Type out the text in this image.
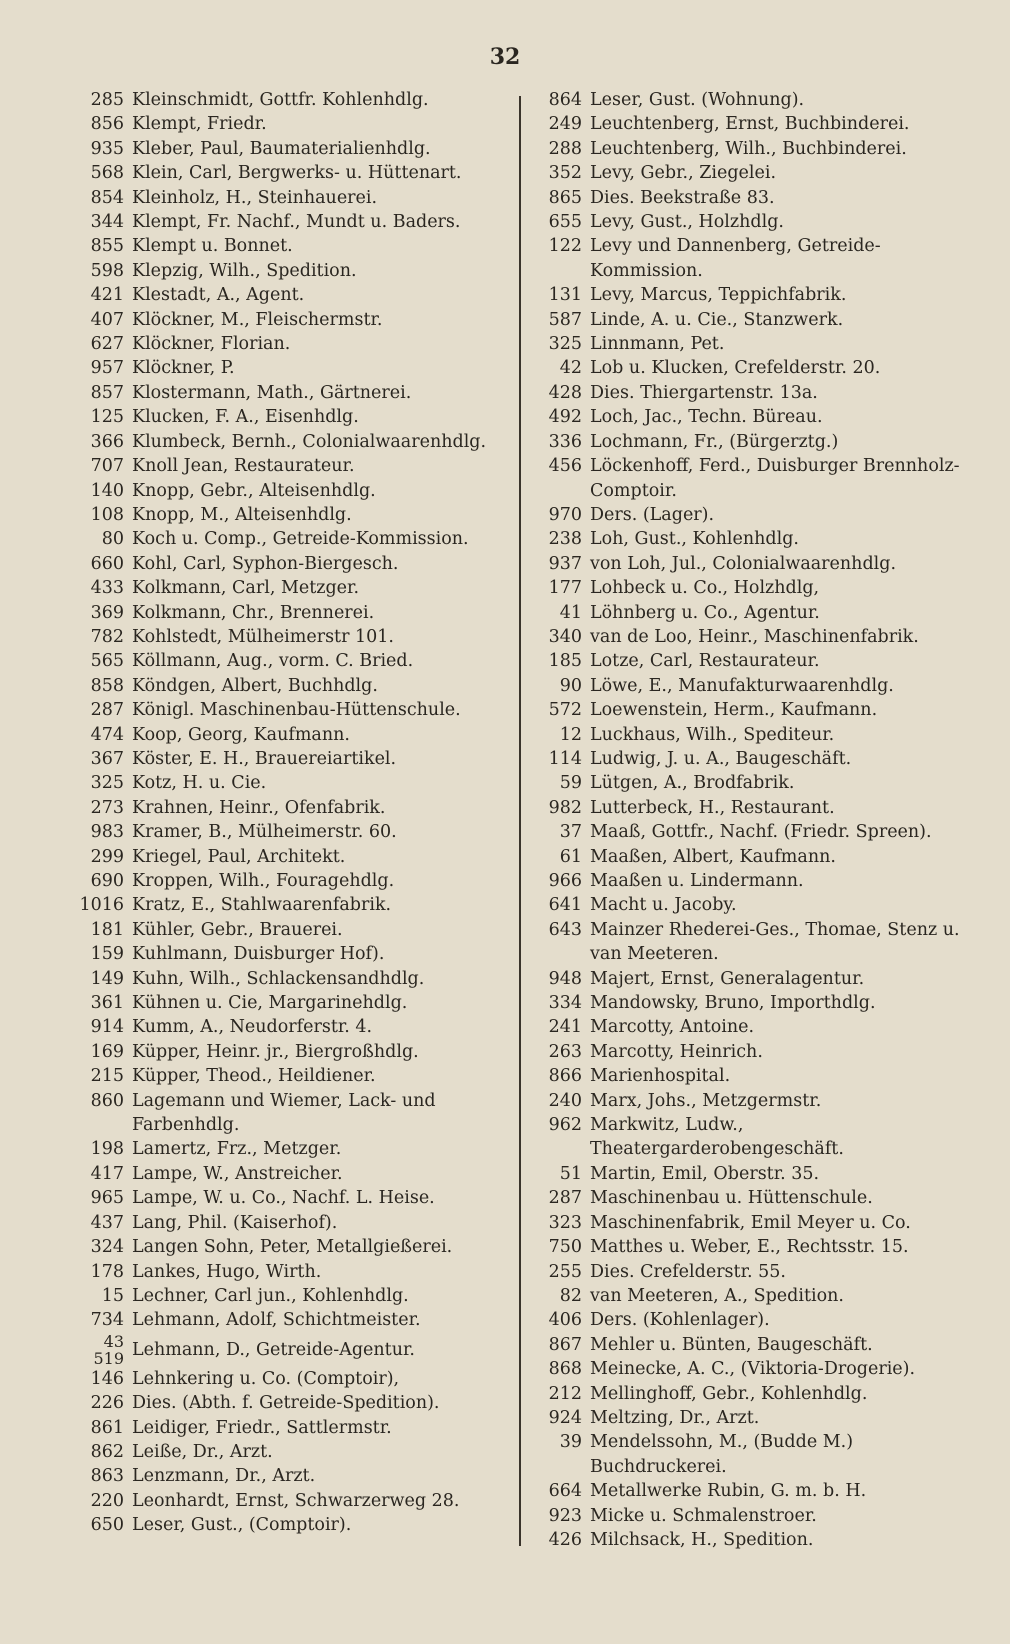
32
285 Kleinschmidt, Gottfr. Kohlenhdlg.
856 Klempt, Friedr.
935 Kleber, Paul, Baumaterialienhdlg.
568 Klein, Carl, Bergwerks- u. Hüttenart.
854 Kleinholz, H., Steinhauerei.
344 Klempt, Fr. Nachf., Mundt u. Baders.
855 Klempt u. Bonnet.
598 Klepzig, Wilh., Spedition.
421 Klestadt, A., Agent.
407 Klöckner, M., Fleischermstr.
627 Klöckner, Florian.
957 Klöckner, P.
857 Klostermann, Math., Gärtnerei.
125 Klucken, F. A., Eisenhdlg.
366 Klumbeck, Bernh., Colonialwaarenhdlg.
707 Knoll Jean, Restaurateur.
140 Knopp, Gebr., Alteisenhdlg.
108 Knopp, M., Alteisenhdlg.
80 Koch u. Comp., Getreide-Kommission.
660 Kohl, Carl, Syphon-Biergesch.
433 Kolkmann, Carl, Metzger.
369 Kolkmann, Chr., Brennerei.
782 Kohlstedt, Mülheimerstr 101.
565 Köllmann, Aug., vorm. C. Bried.
858 Köndgen, Albert, Buchhdlg.
287 Königl. Maschinenbau-Hüttenschule.
474 Koop, Georg, Kaufmann.
367 Köster, E. H., Brauereiartikel.
325 Kotz, H. u. Cie.
273 Krahnen, Heinr., Ofenfabrik.
983 Kramer, B., Mülheimerstr. 60.
299 Kriegel, Paul, Architekt.
690 Kroppen, Wilh., Fouragehdlg.
1016 Kratz, E., Stahlwaarenfabrik.
181 Kühler, Gebr., Brauerei.
159 Kuhlmann, Duisburger Hof).
149 Kuhn, Wilh., Schlackensandhdlg.
361 Kühnen u. Cie, Margarinehdlg.
914 Kumm, A., Neudorferstr. 4.
169 Küpper, Heinr. jr., Biergroßhdlg.
215 Küpper, Theod., Heildiener.
860 Lagemann und Wiemer, Lack- und Farbenhdlg.
198 Lamertz, Frz., Metzger.
417 Lampe, W., Anstreicher.
965 Lampe, W. u. Co., Nachf. L. Heise.
437 Lang, Phil. (Kaiserhof).
324 Langen Sohn, Peter, Metallgießerei.
178 Lankes, Hugo, Wirth.
15 Lechner, Carl jun., Kohlenhdlg.
734 Lehmann, Adolf, Schichtmeister.
43
519 Lehmann, D., Getreide-Agentur.
146 Lehnkering u. Co. (Comptoir),
226 Dies. (Abth. f. Getreide-Spedition).
861 Leidiger, Friedr., Sattlermstr.
862 Leiße, Dr., Arzt.
863 Lenzmann, Dr., Arzt.
220 Leonhardt, Ernst, Schwarzerweg 28.
650 Leser, Gust., (Comptoir).
864 Leser, Gust. (Wohnung).
249 Leuchtenberg, Ernst, Buchbinderei.
288 Leuchtenberg, Wilh., Buchbinderei.
352 Levy, Gebr., Ziegelei.
865 Dies. Beekstraße 83.
655 Levy, Gust., Holzhdlg.
122 Levy und Dannenberg, Getreide-Kommission.
131 Levy, Marcus, Teppichfabrik.
587 Linde, A. u. Cie., Stanzwerk.
325 Linnmann, Pet.
42 Lob u. Klucken, Crefelderstr. 20.
428 Dies. Thiergartenstr. 13a.
492 Loch, Jac., Techn. Büreau.
336 Lochmann, Fr., (Bürgerztg.)
456 Löckenhoff, Ferd., Duisburger Brennholz-Comptoir.
970 Ders. (Lager).
238 Loh, Gust., Kohlenhdlg.
937 von Loh, Jul., Colonialwaarenhdlg.
177 Lohbeck u. Co., Holzhdlg,
41 Löhnberg u. Co., Agentur.
340 van de Loo, Heinr., Maschinenfabrik.
185 Lotze, Carl, Restaurateur.
90 Löwe, E., Manufakturwaarenhdlg.
572 Loewenstein, Herm., Kaufmann.
12 Luckhaus, Wilh., Spediteur.
114 Ludwig, J. u. A., Baugeschäft.
59 Lütgen, A., Brodfabrik.
982 Lutterbeck, H., Restaurant.
37 Maaß, Gottfr., Nachf. (Friedr. Spreen).
61 Maaßen, Albert, Kaufmann.
966 Maaßen u. Lindermann.
641 Macht u. Jacoby.
643 Mainzer Rhederei-Ges., Thomae, Stenz u. van Meeteren.
948 Majert, Ernst, Generalagentur.
334 Mandowsky, Bruno, Importhdlg.
241 Marcotty, Antoine.
263 Marcotty, Heinrich.
866 Marienhospital.
240 Marx, Johs., Metzgermstr.
962 Markwitz, Ludw., Theatergarderobengeschäft.
51 Martin, Emil, Oberstr. 35.
287 Maschinenbau u. Hüttenschule.
323 Maschinenfabrik, Emil Meyer u. Co.
750 Matthes u. Weber, E., Rechtsstr. 15.
255 Dies. Crefelderstr. 55.
82 van Meeteren, A., Spedition.
406 Ders. (Kohlenlager).
867 Mehler u. Bünten, Baugeschäft.
868 Meinecke, A. C., (Viktoria-Drogerie).
212 Mellinghoff, Gebr., Kohlenhdlg.
924 Meltzing, Dr., Arzt.
39 Mendelssohn, M., (Budde M.) Buchdruckerei.
664 Metallwerke Rubin, G. m. b. H.
923 Micke u. Schmalenstroer.
426 Milchsack, H., Spedition.
